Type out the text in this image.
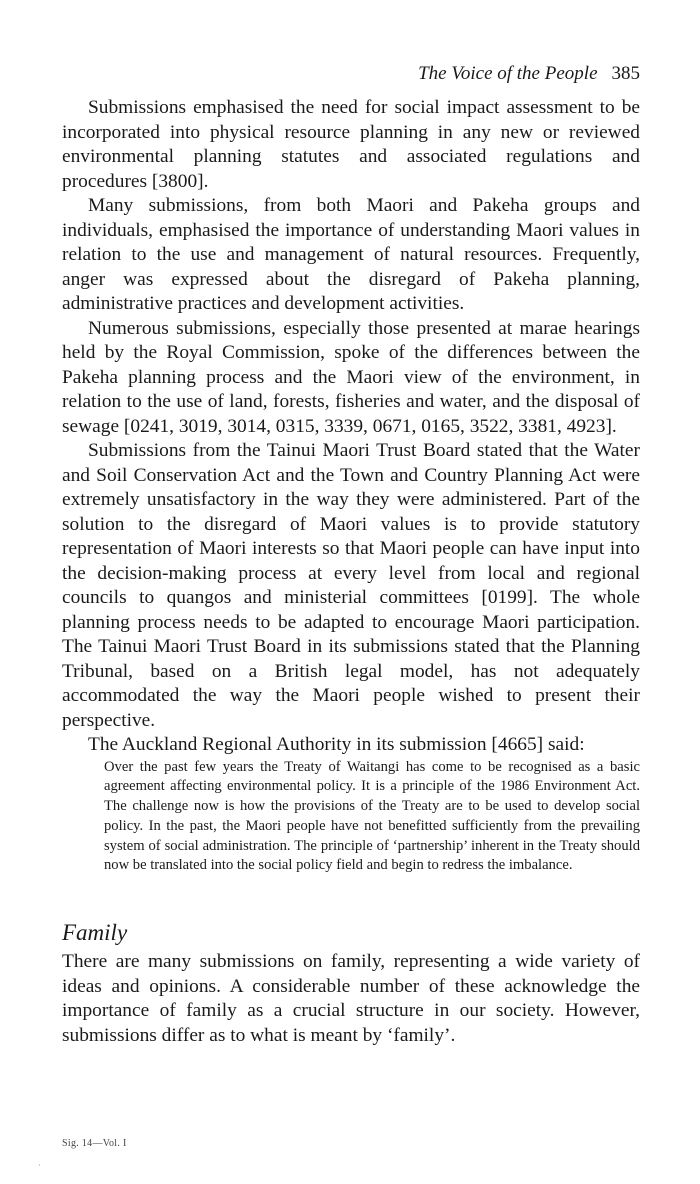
The Voice of the People 385

Submissions emphasised the need for social impact assessment to be incorporated into physical resource planning in any new or reviewed environmental planning statutes and associated regulations and procedures [3800].

Many submissions, from both Maori and Pakeha groups and individuals, emphasised the importance of understanding Maori values in relation to the use and management of natural resources. Frequently, anger was expressed about the disregard of Pakeha planning, administrative practices and development activities.

Numerous submissions, especially those presented at marae hearings held by the Royal Commission, spoke of the differences between the Pakeha planning process and the Maori view of the environment, in relation to the use of land, forests, fisheries and water, and the disposal of sewage [0241, 3019, 3014, 0315, 3339, 0671, 0165, 3522, 3381, 4923].

Submissions from the Tainui Maori Trust Board stated that the Water and Soil Conservation Act and the Town and Country Planning Act were extremely unsatisfactory in the way they were administered. Part of the solution to the disregard of Maori values is to provide statutory representation of Maori interests so that Maori people can have input into the decision-making process at every level from local and regional councils to quangos and ministerial committees [0199]. The whole planning process needs to be adapted to encourage Maori participation. The Tainui Maori Trust Board in its submissions stated that the Planning Tribunal, based on a British legal model, has not adequately accommodated the way the Maori people wished to present their perspective.

The Auckland Regional Authority in its submission [4665] said:

Over the past few years the Treaty of Waitangi has come to be recognised as a basic agreement affecting environmental policy. It is a principle of the 1986 Environment Act. The challenge now is how the provisions of the Treaty are to be used to develop social policy. In the past, the Maori people have not benefitted sufficiently from the prevailing system of social administration. The principle of ‘partnership’ inherent in the Treaty should now be translated into the social policy field and begin to redress the imbalance.

Family

There are many submissions on family, representing a wide variety of ideas and opinions. A considerable number of these acknowledge the importance of family as a crucial structure in our society. However, submissions differ as to what is meant by ‘family’.

Sig. 14—Vol. I
·
